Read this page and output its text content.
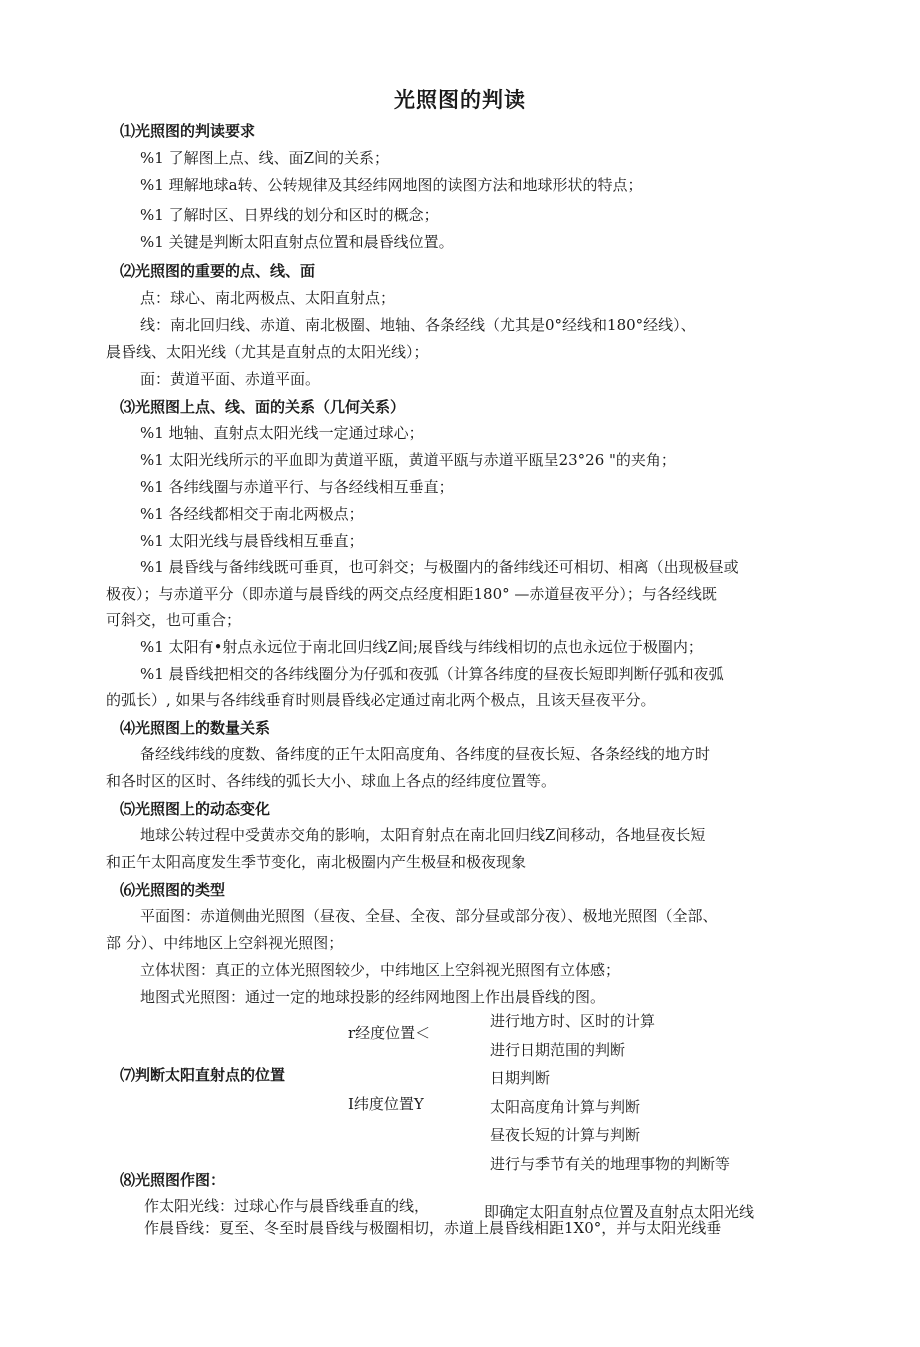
光照图的判读
⑴光照图的判读要求
%1 了解图上点、线、面Z间的关系；
%1 理解地球a转、公转规律及其经纬网地图的读图方法和地球形状的特点；
%1 了解时区、日界线的划分和区时的概念；
%1 关键是判断太阳直射点位置和晨昏线位置。
⑵光照图的重要的点、线、面
点：球心、南北两极点、太阳直射点；
线：南北回归线、赤道、南北极圈、地轴、各条经线（尤其是0°经线和180°经线）、
晨昏线、太阳光线（尤其是直射点的太阳光线）；
面：黄道平面、赤道平面。
⑶光照图上点、线、面的关系（几何关系）
%1 地轴、直射点太阳光线一定通过球心；
%1 太阳光线所示的平血即为黄道平瓯，黄道平瓯与赤道平瓯呈23°26 "的夹角；
%1 各纬线圈与赤道平行、与各经线相互垂直；
%1 各经线都相交于南北两极点；
%1 太阳光线与晨昏线相互垂直；
%1 晨昏线与备纬线既可垂頁，也可斜交；与极圈内的备纬线还可相切、相离（出现极昼或
极夜）；与赤道平分（即赤道与晨昏线的两交点经度相距180° —赤道昼夜平分）；与各经线既
可斜交，也可重合；
%1 太阳有•射点永远位于南北回归线Z间;展昏线与纬线相切的点也永远位于极圈内；
%1 晨昏线把相交的各纬线圈分为仔弧和夜弧（计算各纬度的昼夜长短即判断仔弧和夜弧
的弧长）, 如果与各纬线垂育时则晨昏线必定通过南北两个极点，且该天昼夜平分。
⑷光照图上的数量关系
备经线纬线的度数、备纬度的正午太阳高度角、各纬度的昼夜长短、各条经线的地方时
和各时区的区时、各纬线的弧长大小、球血上各点的经纬度位置等。
⑸光照图上的动态变化
地球公转过程中受黄赤交角的影响，太阳育射点在南北回归线Z间移动，各地昼夜长短
和正午太阳高度发生季节变化，南北极圈内产生极昼和极夜现象
⑹光照图的类型
平面图：赤道侧曲光照图（昼夜、全昼、全夜、部分昼或部分夜）、极地光照图（全部、
部 分）、中纬地区上空斜视光照图；
立体状图：真正的立体光照图较少，中纬地区上空斜视光照图有立体感；
地图式光照图：通过一定的地球投影的经纬网地图上作出晨昏线的图。
r经度位置＜
I纬度位置Y
⑺判断太阳直射点的位置
进行地方时、区时的计算
进行日期范围的判断
日期判断
太阳高度角计算与判断
昼夜长短的计算与判断
进行与季节有关的地理事物的判断等
⑻光照图作图：
作太阳光线：过球心作与晨昏线垂直的线，	即确定太阳直射点位置及直射点太阳光线
作晨昏线：夏至、冬至时晨昏线与极圈相切，赤道上晨昏线相距1X0°，并与太阳光线垂
